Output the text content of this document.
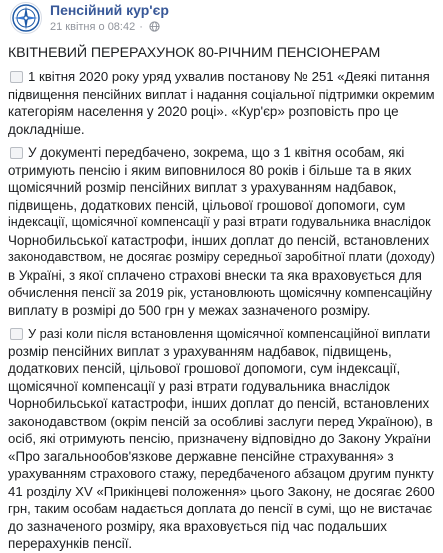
Пенсійний кур'єр
21 квітня о 08:42 ·
КВІТНЕВИЙ ПЕРЕРАХУНОК 80-РІЧНИМ ПЕНСІОНЕРАМ
1 квітня 2020 року уряд ухвалив постанову № 251 «Деякі питання
підвищення пенсійних виплат і надання соціальної підтримки окремим
категоріям населення у 2020 році». «Кур'єр» розповість про це
докладніше.
У документі передбачено, зокрема, що з 1 квітня особам, які
отримують пенсію і яким виповнилося 80 років і більше та в яких
щомісячний розмір пенсійних виплат з урахуванням надбавок,
підвищень, додаткових пенсій, цільової грошової допомоги, сум
індексації, щомісячної компенсації у разі втрати годувальника внаслідок
Чорнобильської катастрофи, інших доплат до пенсій, встановлених
законодавством, не досягає розміру середньої заробітної плати (доходу)
в Україні, з якої сплачено страхові внески та яка враховується для
обчислення пенсії за 2019 рік, установлюють щомісячну компенсаційну
виплату в розмірі до 500 грн у межах зазначеного розміру.
У разі коли після встановлення щомісячної компенсаційної виплати
розмір пенсійних виплат з урахуванням надбавок, підвищень,
додаткових пенсій, цільової грошової допомоги, сум індексації,
щомісячної компенсації у разі втрати годувальника внаслідок
Чорнобильської катастрофи, інших доплат до пенсій, встановлених
законодавством (окрім пенсій за особливі заслуги перед Україною), в
осіб, які отримують пенсію, призначену відповідно до Закону України
«Про загальнообов'язкове державне пенсійне страхування» з
урахуванням страхового стажу, передбаченого абзацом другим пункту
41 розділу XV «Прикінцеві положення» цього Закону, не досягає 2600
грн, таким особам надається доплата до пенсії в сумі, що не вистачає
до зазначеного розміру, яка враховується під час подальших
перерахунків пенсії.
